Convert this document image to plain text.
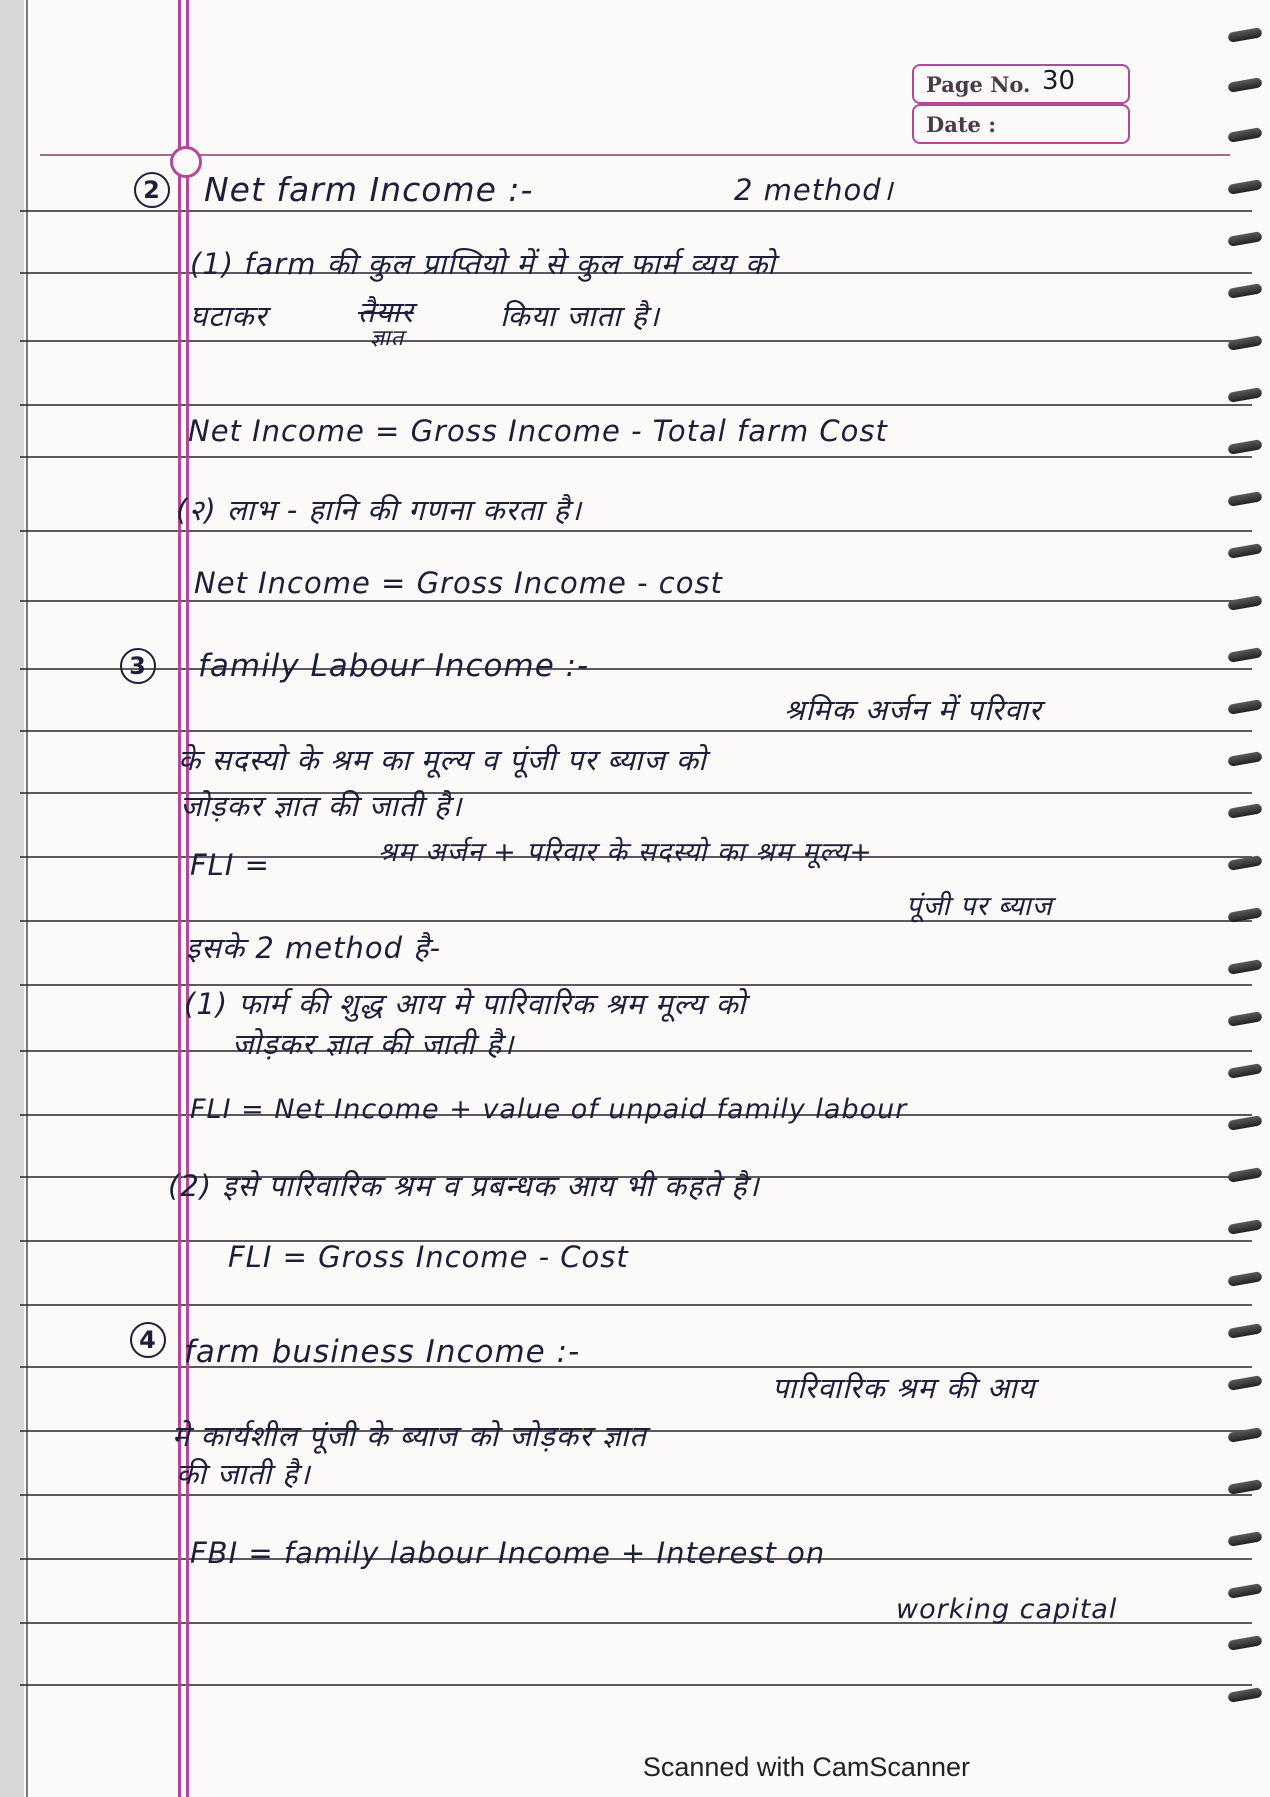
Page No. 30
Date :
2 Net farm Income :-	2 method।
(1) farm की कुल प्राप्तियो में से कुल फार्म व्यय को
घटाकर	तैयार
ज्ञात
किया जाता है।
Net Income = Gross Income - Total farm Cost
(२) लाभ - हानि की गणना करता है।
Net Income = Gross Income - cost
3 family Labour Income :-
श्रमिक अर्जन में परिवार
के सदस्यो के श्रम का मूल्य व पूंजी पर ब्याज को
जोड़कर ज्ञात की जाती है।
FLI =	श्रम अर्जन + परिवार के सदस्यो का श्रम मूल्य+
पूंजी पर ब्याज
इसके 2 method है-
(1) फार्म की शुद्ध आय मे पारिवारिक श्रम मूल्य को
जोड़कर ज्ञात की जाती है।
FLI = Net Income + value of unpaid family labour
(2) इसे पारिवारिक श्रम व प्रबन्धक आय भी कहते है।
FLI = Gross Income - Cost
4 farm business Income :-
पारिवारिक श्रम की आय
मे कार्यशील पूंजी के ब्याज को जोड़कर ज्ञात
की जाती है।
FBI = family labour Income + Interest on
working capital
Scanned with CamScanner
